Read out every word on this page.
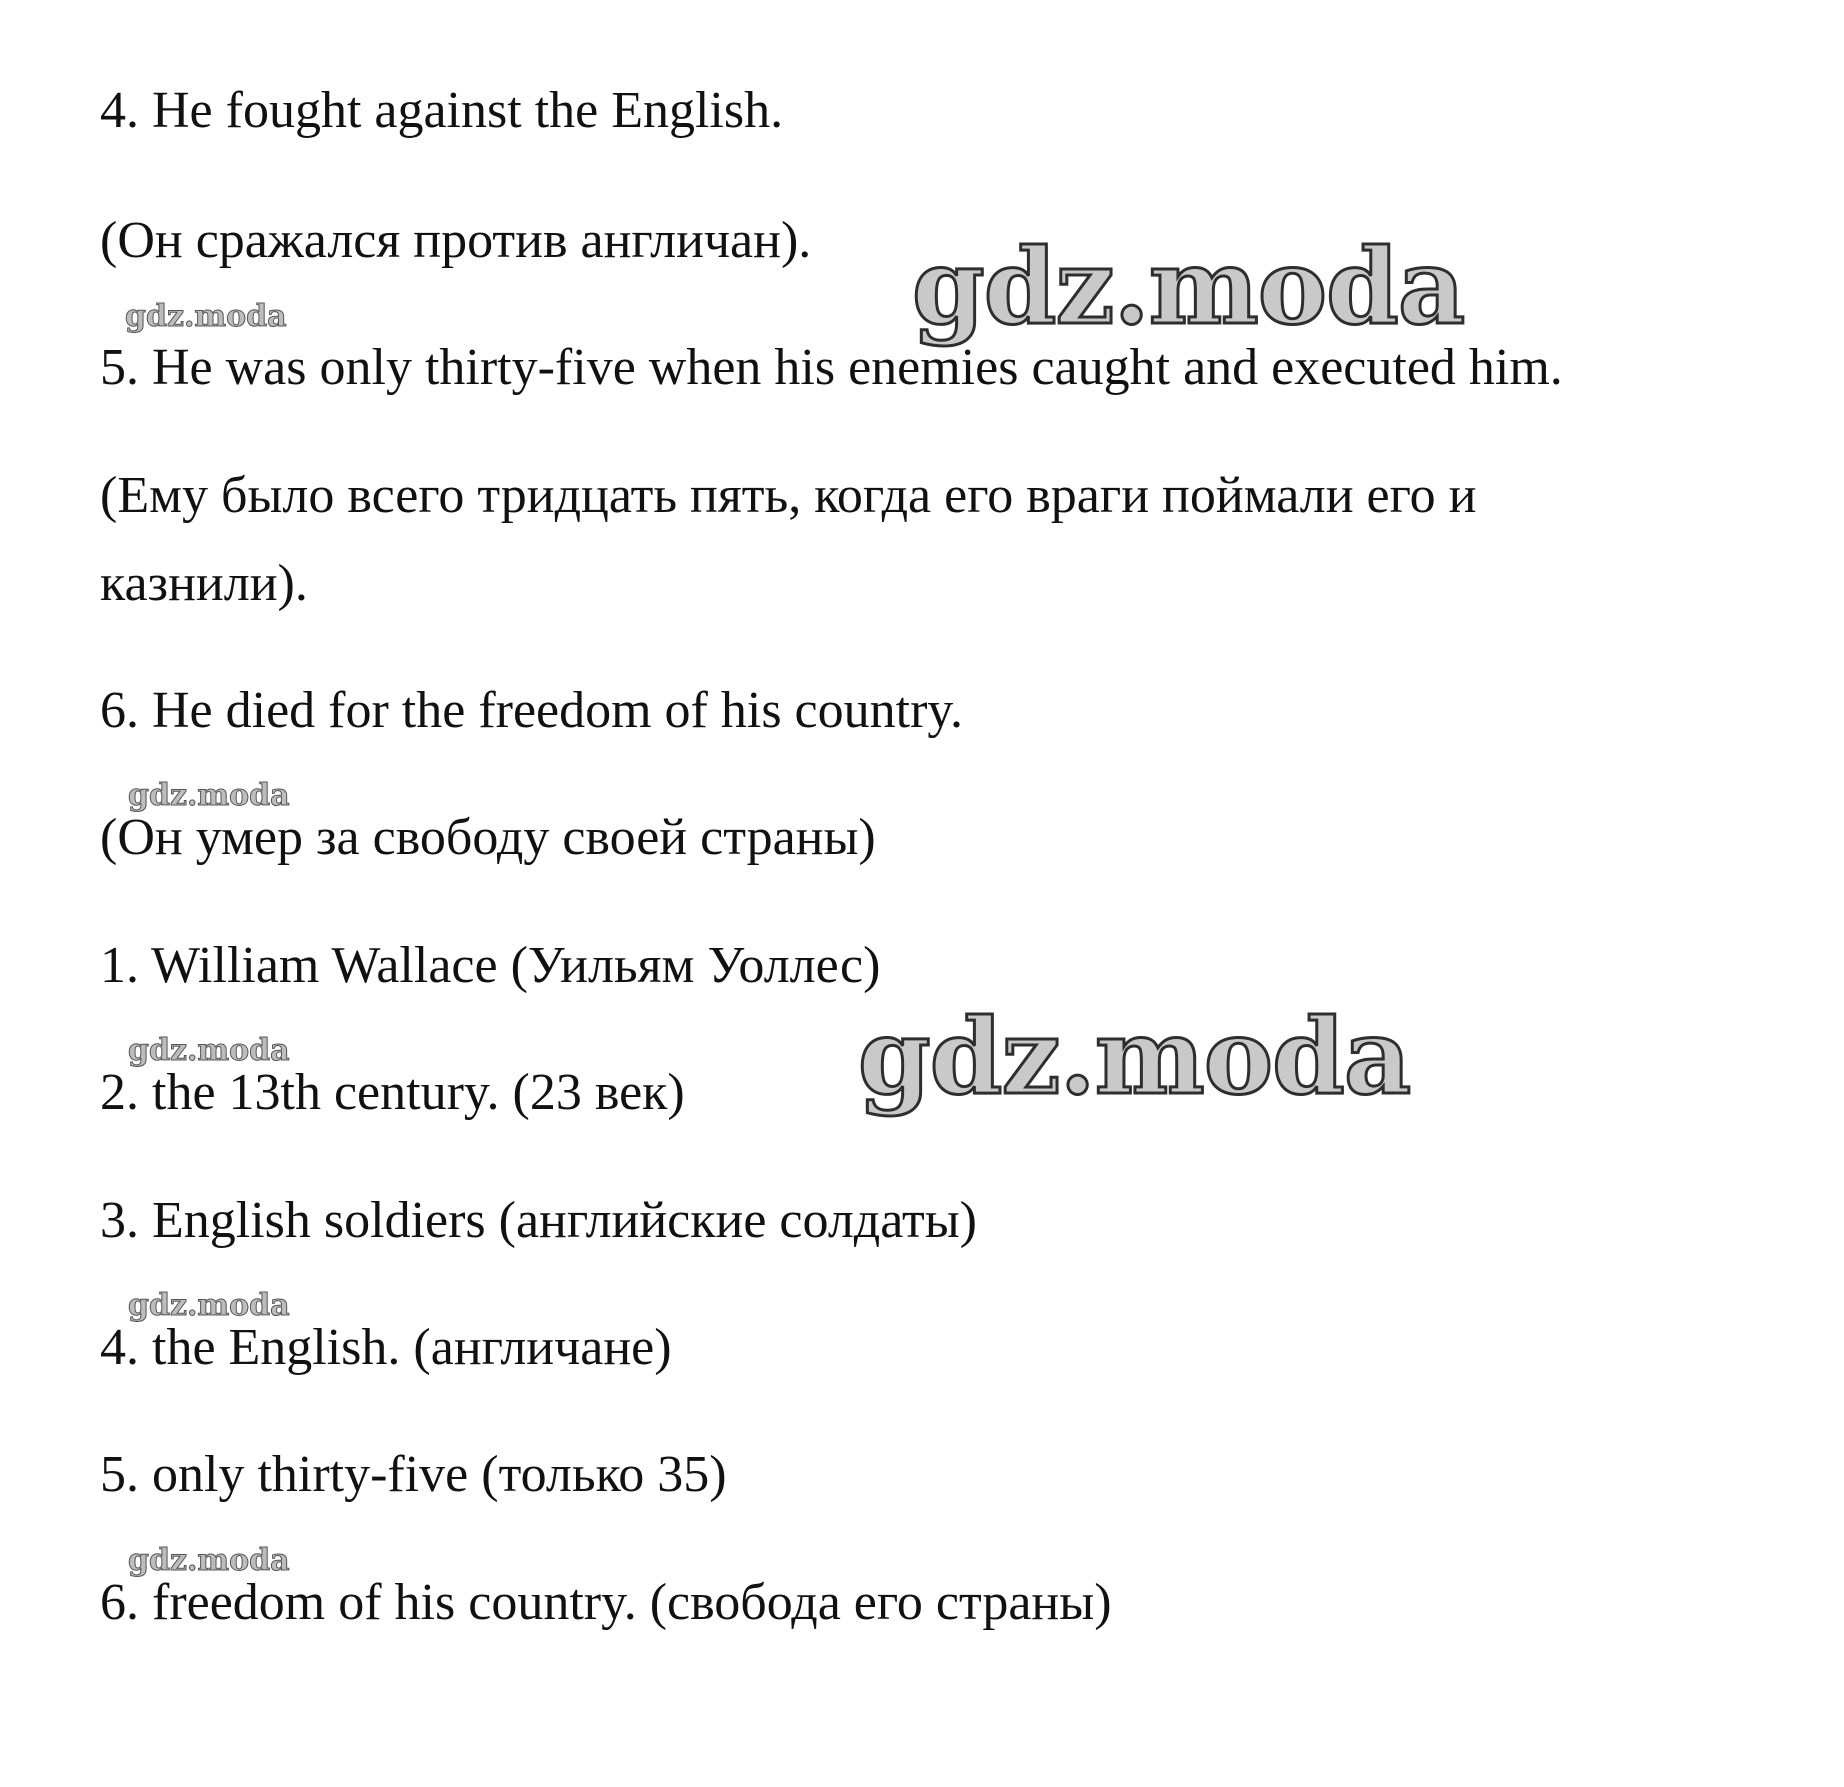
4. He fought against the English.

(Он сражался против англичан).

5. He was only thirty-five when his enemies caught and executed him.

(Ему было всего тридцать пять, когда его враги поймали его и

казнили).

6. He died for the freedom of his country.

(Он умер за свободу своей страны)

1. William Wallace (Уильям Уоллес)

2. the 13th century. (23 век)

3. English soldiers (английские солдаты)

4. the English. (англичане)

5. only thirty-five (только 35)

6. freedom of his country. (свобода его страны)

gdz.moda
gdz.moda
gdz.moda
gdz.moda
gdz.moda
gdz.moda
gdz.moda
